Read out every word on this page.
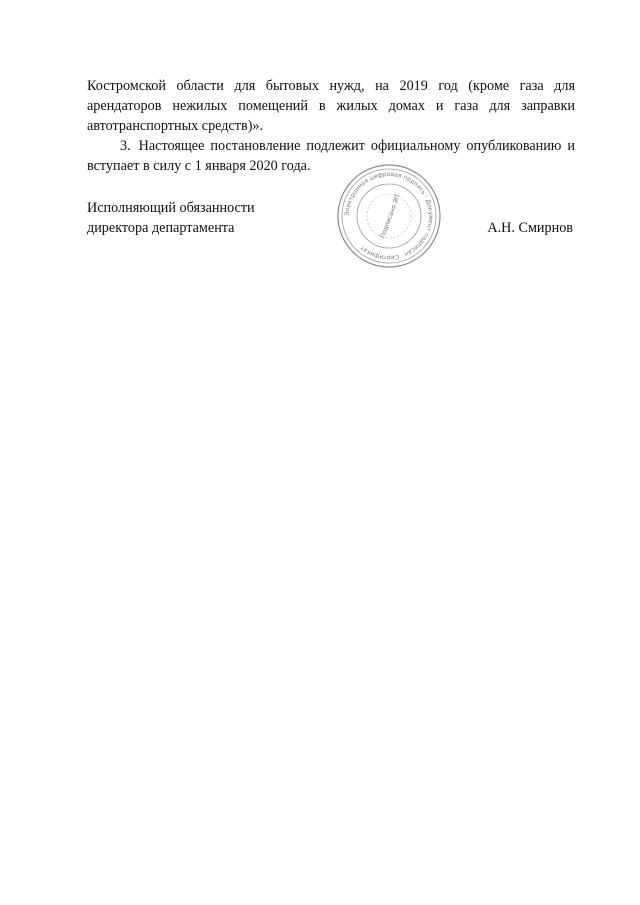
Костромской области для бытовых нужд, на 2019 год (кроме газа для
арендаторов нежилых помещений в жилых домах и газа для заправки
автотранспортных средств)».

3. Настоящее постановление подлежит официальному опубликованию и
вступает в силу с 1 января 2020 года.

Исполняющий обязанности
директора департамента
Электронная цифровая подпись · Документ подписан · Сертификат
Подписано ЭП	А.Н. Смирнов
